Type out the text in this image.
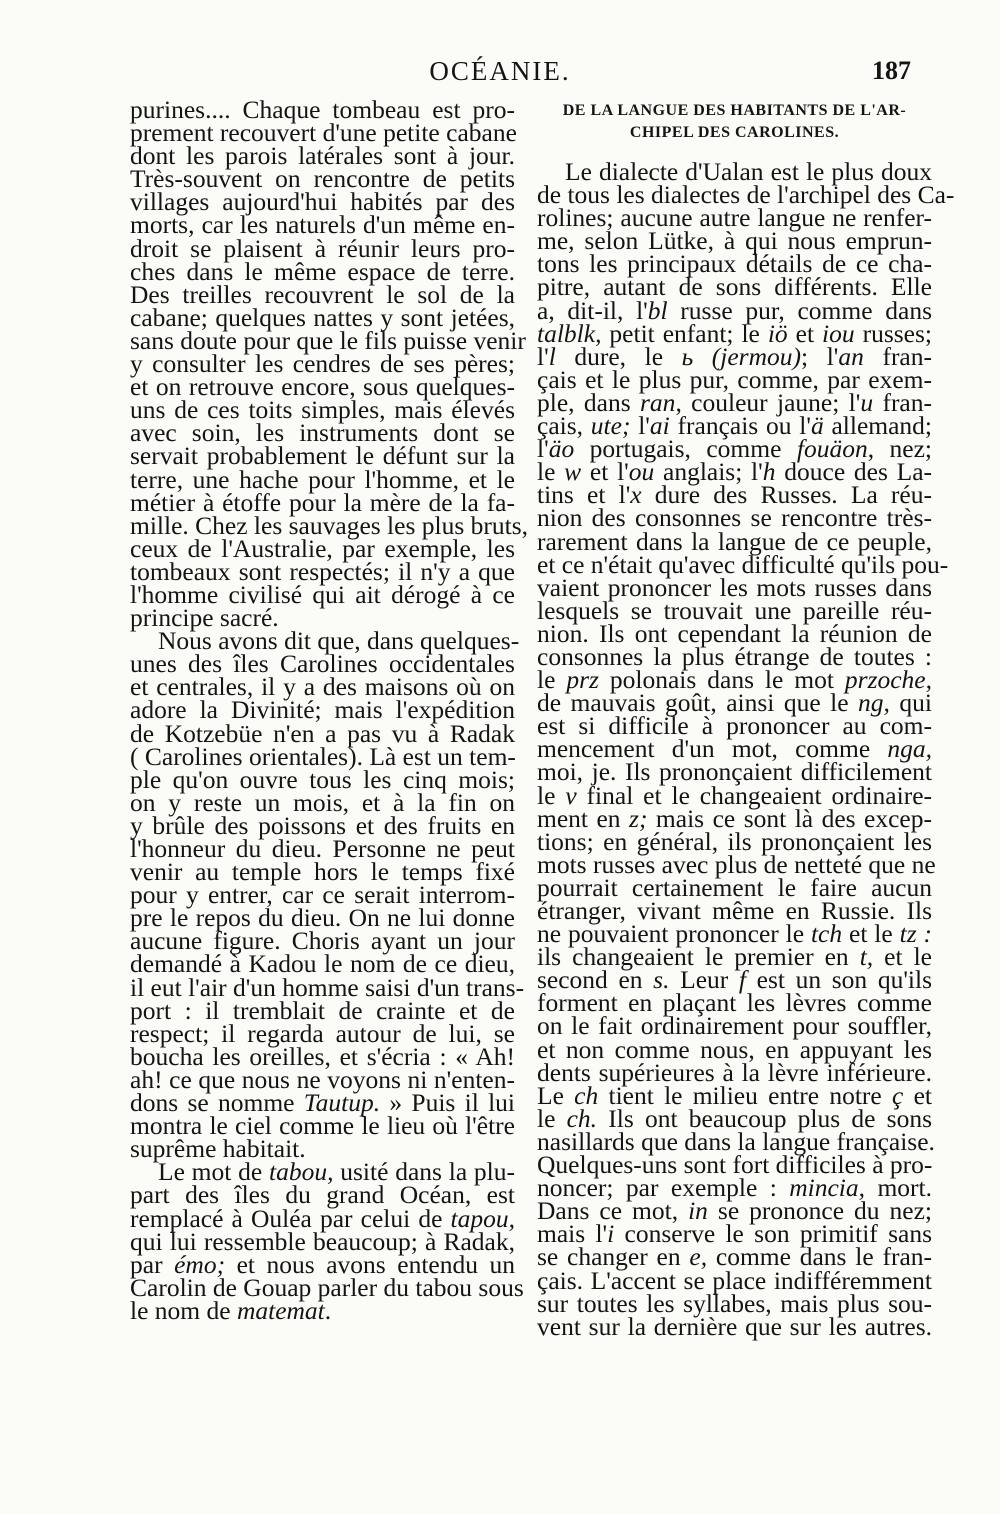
OCÉANIE.	187
purines.... Chaque tombeau est pro-
prement recouvert d'une petite cabane
dont les parois latérales sont à jour.
Très-souvent on rencontre de petits
villages aujourd'hui habités par des
morts, car les naturels d'un même en-
droit se plaisent à réunir leurs pro-
ches dans le même espace de terre.
Des treilles recouvrent le sol de la
cabane; quelques nattes y sont jetées,
sans doute pour que le fils puisse venir
y consulter les cendres de ses pères;
et on retrouve encore, sous quelques-
uns de ces toits simples, mais élevés
avec soin, les instruments dont se
servait probablement le défunt sur la
terre, une hache pour l'homme, et le
métier à étoffe pour la mère de la fa-
mille. Chez les sauvages les plus bruts,
ceux de l'Australie, par exemple, les
tombeaux sont respectés; il n'y a que
l'homme civilisé qui ait dérogé à ce
principe sacré.
Nous avons dit que, dans quelques-
unes des îles Carolines occidentales
et centrales, il y a des maisons où on
adore la Divinité; mais l'expédition
de Kotzebüe n'en a pas vu à Radak
( Carolines orientales). Là est un tem-
ple qu'on ouvre tous les cinq mois;
on y reste un mois, et à la fin on
y brûle des poissons et des fruits en
l'honneur du dieu. Personne ne peut
venir au temple hors le temps fixé
pour y entrer, car ce serait interrom-
pre le repos du dieu. On ne lui donne
aucune figure. Choris ayant un jour
demandé à Kadou le nom de ce dieu,
il eut l'air d'un homme saisi d'un trans-
port : il tremblait de crainte et de
respect; il regarda autour de lui, se
boucha les oreilles, et s'écria : « Ah!
ah! ce que nous ne voyons ni n'enten-
dons se nomme Tautup. » Puis il lui
montra le ciel comme le lieu où l'être
suprême habitait.
Le mot de tabou, usité dans la plu-
part des îles du grand Océan, est
remplacé à Ouléa par celui de tapou,
qui lui ressemble beaucoup; à Radak,
par émo; et nous avons entendu un
Carolin de Gouap parler du tabou sous
le nom de matemat.
DE LA LANGUE DES HABITANTS DE L'AR-
CHIPEL DES CAROLINES.
Le dialecte d'Ualan est le plus doux
de tous les dialectes de l'archipel des Ca-
rolines; aucune autre langue ne renfer-
me, selon Lütke, à qui nous emprun-
tons les principaux détails de ce cha-
pitre, autant de sons différents. Elle
a, dit-il, l'bl russe pur, comme dans
talblk, petit enfant; le iö et iou russes;
l'l dure, le ь (jermou); l'an fran-
çais et le plus pur, comme, par exem-
ple, dans ran, couleur jaune; l'u fran-
çais, ute; l'ai français ou l'ä allemand;
l'äo portugais, comme fouäon, nez;
le w et l'ou anglais; l'h douce des La-
tins et l'x dure des Russes. La réu-
nion des consonnes se rencontre très-
rarement dans la langue de ce peuple,
et ce n'était qu'avec difficulté qu'ils pou-
vaient prononcer les mots russes dans
lesquels se trouvait une pareille réu-
nion. Ils ont cependant la réunion de
consonnes la plus étrange de toutes :
le prz polonais dans le mot przoche,
de mauvais goût, ainsi que le ng, qui
est si difficile à prononcer au com-
mencement d'un mot, comme nga,
moi, je. Ils prononçaient difficilement
le v final et le changeaient ordinaire-
ment en z; mais ce sont là des excep-
tions; en général, ils prononçaient les
mots russes avec plus de netteté que ne
pourrait certainement le faire aucun
étranger, vivant même en Russie. Ils
ne pouvaient prononcer le tch et le tz :
ils changeaient le premier en t, et le
second en s. Leur f est un son qu'ils
forment en plaçant les lèvres comme
on le fait ordinairement pour souffler,
et non comme nous, en appuyant les
dents supérieures à la lèvre inférieure.
Le ch tient le milieu entre notre ç et
le ch. Ils ont beaucoup plus de sons
nasillards que dans la langue française.
Quelques-uns sont fort difficiles à pro-
noncer; par exemple : mincia, mort.
Dans ce mot, in se prononce du nez;
mais l'i conserve le son primitif sans
se changer en e, comme dans le fran-
çais. L'accent se place indifféremment
sur toutes les syllabes, mais plus sou-
vent sur la dernière que sur les autres.
